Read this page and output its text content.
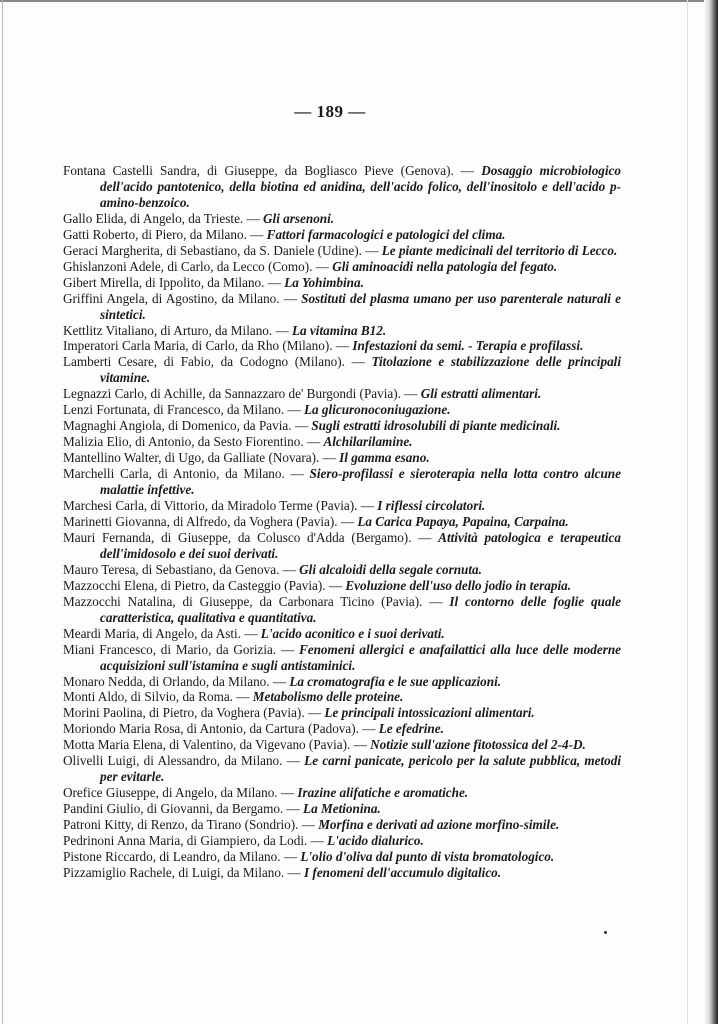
— 189 —

Fontana Castelli Sandra, di Giuseppe, da Bogliasco Pieve (Genova). — Dosaggio microbiologico dell'acido pantotenico, della biotina ed anidina, dell'acido folico, dell'inositolo e dell'acido p-amino-benzoico.

Gallo Elida, di Angelo, da Trieste. — Gli arsenoni.

Gatti Roberto, di Piero, da Milano. — Fattori farmacologici e patologici del clima.

Geraci Margherita, di Sebastiano, da S. Daniele (Udine). — Le piante medicinali del territorio di Lecco.

Ghislanzoni Adele, di Carlo, da Lecco (Como). — Gli aminoacidi nella patologia del fegato.

Gibert Mirella, di Ippolito, da Milano. — La Yohimbina.

Griffini Angela, di Agostino, da Milano. — Sostituti del plasma umano per uso parenterale naturali e sintetici.

Kettlitz Vitaliano, di Arturo, da Milano. — La vitamina B12.

Imperatori Carla Maria, di Carlo, da Rho (Milano). — Infestazioni da semi. - Terapia e profilassi.

Lamberti Cesare, di Fabio, da Codogno (Milano). — Titolazione e stabilizzazione delle principali vitamine.

Legnazzi Carlo, di Achille, da Sannazzaro de' Burgondi (Pavia). — Gli estratti alimentari.

Lenzi Fortunata, di Francesco, da Milano. — La glicuronoconiugazione.

Magnaghi Angiola, di Domenico, da Pavia. — Sugli estratti idrosolubili di piante medicinali.

Malizia Elio, di Antonio, da Sesto Fiorentino. — Alchilarilamine.

Mantellino Walter, di Ugo, da Galliate (Novara). — Il gamma esano.

Marchelli Carla, di Antonio, da Milano. — Siero-profilassi e sieroterapia nella lotta contro alcune malattie infettive.

Marchesi Carla, di Vittorio, da Miradolo Terme (Pavia). — I riflessi circolatori.

Marinetti Giovanna, di Alfredo, da Voghera (Pavia). — La Carica Papaya, Papaina, Carpaina.

Mauri Fernanda, di Giuseppe, da Colusco d'Adda (Bergamo). — Attività patologica e terapeutica dell'imidosolo e dei suoi derivati.

Mauro Teresa, di Sebastiano, da Genova. — Gli alcaloidi della segale cornuta.

Mazzocchi Elena, di Pietro, da Casteggio (Pavia). — Evoluzione dell'uso dello jodio in terapia.

Mazzocchi Natalina, di Giuseppe, da Carbonara Ticino (Pavia). — Il contorno delle foglie quale caratteristica, qualitativa e quantitativa.

Meardi Maria, di Angelo, da Asti. — L'acido aconitico e i suoi derivati.

Miani Francesco, di Mario, da Gorizia. — Fenomeni allergici e anafailattici alla luce delle moderne acquisizioni sull'istamina e sugli antistaminici.

Monaro Nedda, di Orlando, da Milano. — La cromatografia e le sue applicazioni.

Monti Aldo, di Silvio, da Roma. — Metabolismo delle proteine.

Morini Paolina, di Pietro, da Voghera (Pavia). — Le principali intossicazioni alimentari.

Moriondo Maria Rosa, di Antonio, da Cartura (Padova). — Le efedrine.

Motta Maria Elena, di Valentino, da Vigevano (Pavia). — Notizie sull'azione fitotossica del 2-4-D.

Olivelli Luigi, di Alessandro, da Milano. — Le carni panicate, pericolo per la salute pubblica, metodi per evitarle.

Orefice Giuseppe, di Angelo, da Milano. — Irazine alifatiche e aromatiche.

Pandini Giulio, di Giovanni, da Bergamo. — La Metionina.

Patroni Kitty, di Renzo, da Tirano (Sondrio). — Morfina e derivati ad azione morfino-simile.

Pedrinoni Anna Maria, di Giampiero, da Lodi. — L'acido dialurico.

Pistone Riccardo, di Leandro, da Milano. — L'olio d'oliva dal punto di vista bromatologico.

Pizzamiglio Rachele, di Luigi, da Milano. — I fenomeni dell'accumulo digitalico.
